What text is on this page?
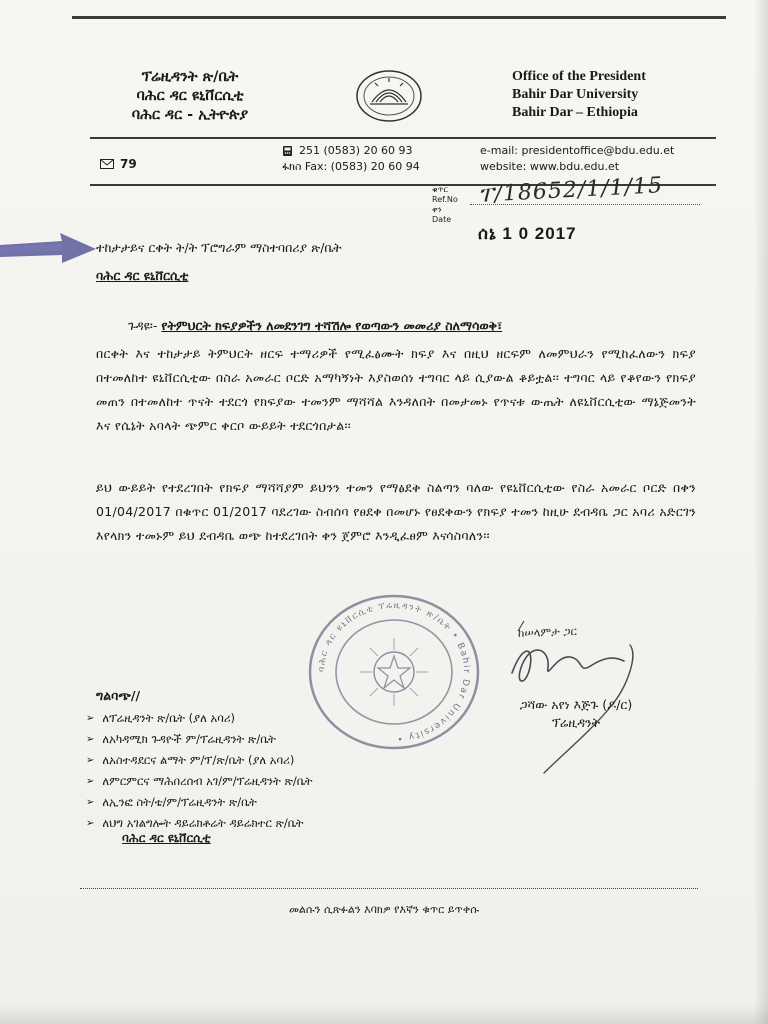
ፕሬዚዳንት ጽ/ቤት
ባሕር ዳር ዩኒቨርሲቲ
ባሕር ዳር - ኢትዮጵያ
Office of the President
Bahir Dar University
Bahir Dar – Ethiopia
79
251 (0583) 20 60 93
ፋክስ Fax: (0583) 20 60 94
e-mail: presidentoffice@bdu.edu.et
website: www.bdu.edu.et
ቁጥር
Ref.No
ቀን
Date
ፐ/18652/1/1/15
ሰኔ 1 0 2017
ተከታታይና ርቀት ት/ት ፕሮግራም ማስተባበሪያ ጽ/ቤት
ባሕር ዳር ዩኒቨርሲቲ
ጉዳዩ፡- የትምህርት ክፍያዎችን ለመደንገግ ተሻሽሎ የወጣውን መመሪያ ስለማሳወቅ፣
በርቀት እና ተከታታይ ትምህርት ዘርፍ ተማሪዎች የሚፈፅሙት ክፍያ እና በዚህ ዘርፍም ለመምህራን የሚከፈለውን ክፍያ በተመለከተ ዩኒቨርሲቲው በስራ አመራር ቦርድ አማካኝነት እያስወሰነ ተግባር ላይ ሲያውል ቆይቷል፡፡ ተግባር ላይ የቆየውን የክፍያ መጠን በተመለከተ ጥናት ተደርጎ የክፍያው ተመንም ማሻሻል እንዳለበት በመታመኑ የጥናቱ ውጤት ለዩኒቨርሲቲው ማኔጅመንት እና የሴኔት አባላት ጭምር ቀርቦ ውይይት ተደርጎበታል፡፡
ይህ ውይይት የተደረገበት የክፍያ ማሻሻያም ይህንን ተመን የማፅደቅ ስልጣን ባለው የዩኒቨርሲቲው የስራ አመራር ቦርድ በቀን 01/04/2017 በቁጥር 01/2017 ባደረገው ስብሰባ የፀደቀ በመሆኑ የፀደቀውን የክፍያ ተመን ከዚሁ ደብዳቤ ጋር አባሪ አድርገን እየላክን ተመኑም ይህ ደብዳቤ ወጭ ከተደረገበት ቀን ጀምሮ እንዲፈፀም እናሳስባለን፡፡
ባሕር ዳር ዩኒቨርሲቲ ፕሬዚዳንት ጽ/ቤት • Bahir Dar University •
ከሠላምታ ጋር
ጋሻው አየነ እጅጉ (ዶ/ር)
ፕሬዚዳንት
ግልባጭ//
➢ ለፕሬዚዳንት ጽ/ቤት (ያለ አባሪ)
➢ ለአካዳሚክ ጉዳዮች ም/ፕሬዚዳንት ጽ/ቤት
➢ ለአስተዳደርና ልማት ም/ፕ/ጽ/ቤት (ያለ አባሪ)
➢ ለምርምርና ማሕበረሰብ አገ/ም/ፕሬዚዳንት ጽ/ቤት
➢ ለኢንፎ ስት/ቴ/ም/ፕሬዚዳንት ጽ/ቤት
➢ ለህግ አገልግሎት ዳይሬክቶሬት ዳይሬክተር ጽ/ቤት
ባሕር ዳር ዩኒቨርሲቲ
መልሱን ሲጽፉልን እባክዎ የእኛን ቁጥር ይጥቀሱ
